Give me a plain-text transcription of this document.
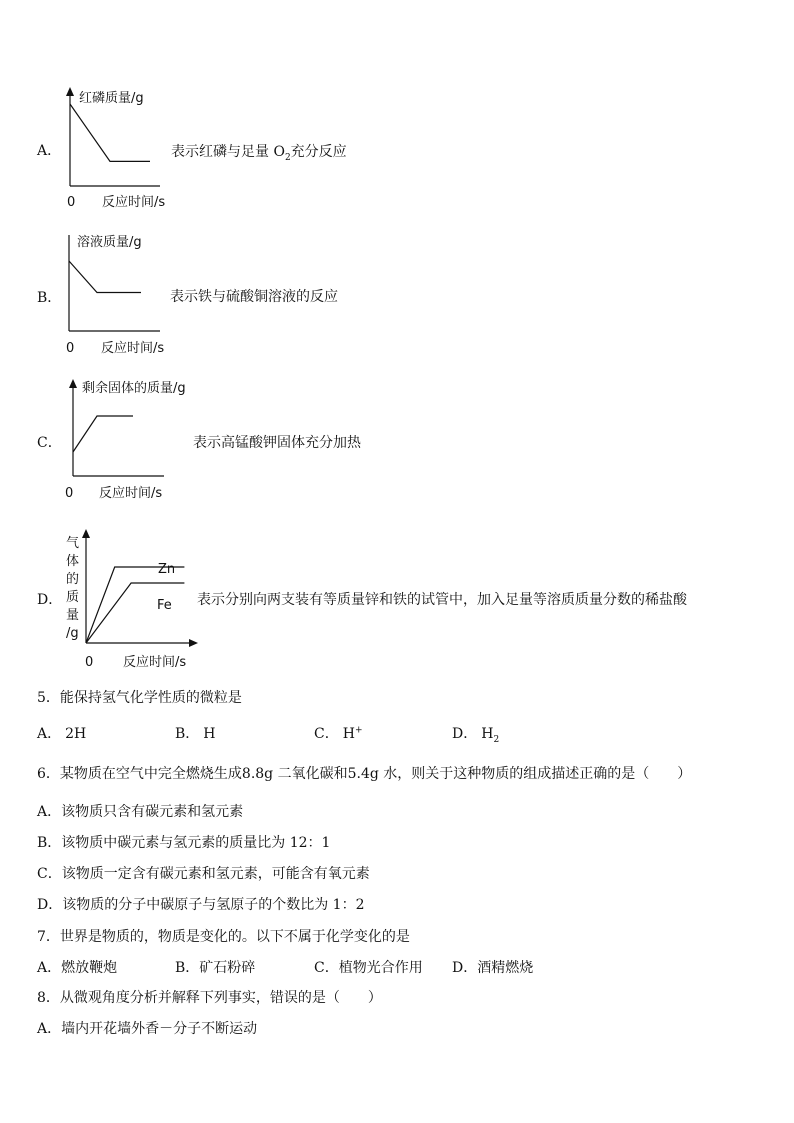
A．
红磷质量/g
0 反应时间/s
表示红磷与足量 $O_2$充分反应
B．
溶液质量/g
0 反应时间/s
表示铁与硫酸铜溶液的反应
C．
剩余固体的质量/g
0 反应时间/s
表示高锰酸钾固体充分加热
D．
Zn
Fe
气
体
的
质
量
/g
0 反应时间/s
表示分别向两支装有等质量锌和铁的试管中，加入足量等溶质质量分数的稀盐酸
5．能保持氢气化学性质的微粒是
A． 2H	B． H	C． H+	D． $H_2$
6．某物质在空气中完全燃烧生成8.8g 二氧化碳和5.4g 水，则关于这种物质的组成描述正确的是（　　）
A．该物质只含有碳元素和氢元素
B．该物质中碳元素与氢元素的质量比为 12：1
C．该物质一定含有碳元素和氢元素，可能含有氧元素
D．该物质的分子中碳原子与氢原子的个数比为 1：2
7．世界是物质的，物质是变化的。以下不属于化学变化的是
A．燃放鞭炮	B．矿石粉碎	C．植物光合作用 D．酒精燃烧
8．从微观角度分析并解释下列事实，错误的是（　　）
A．墙内开花墙外香－分子不断运动
